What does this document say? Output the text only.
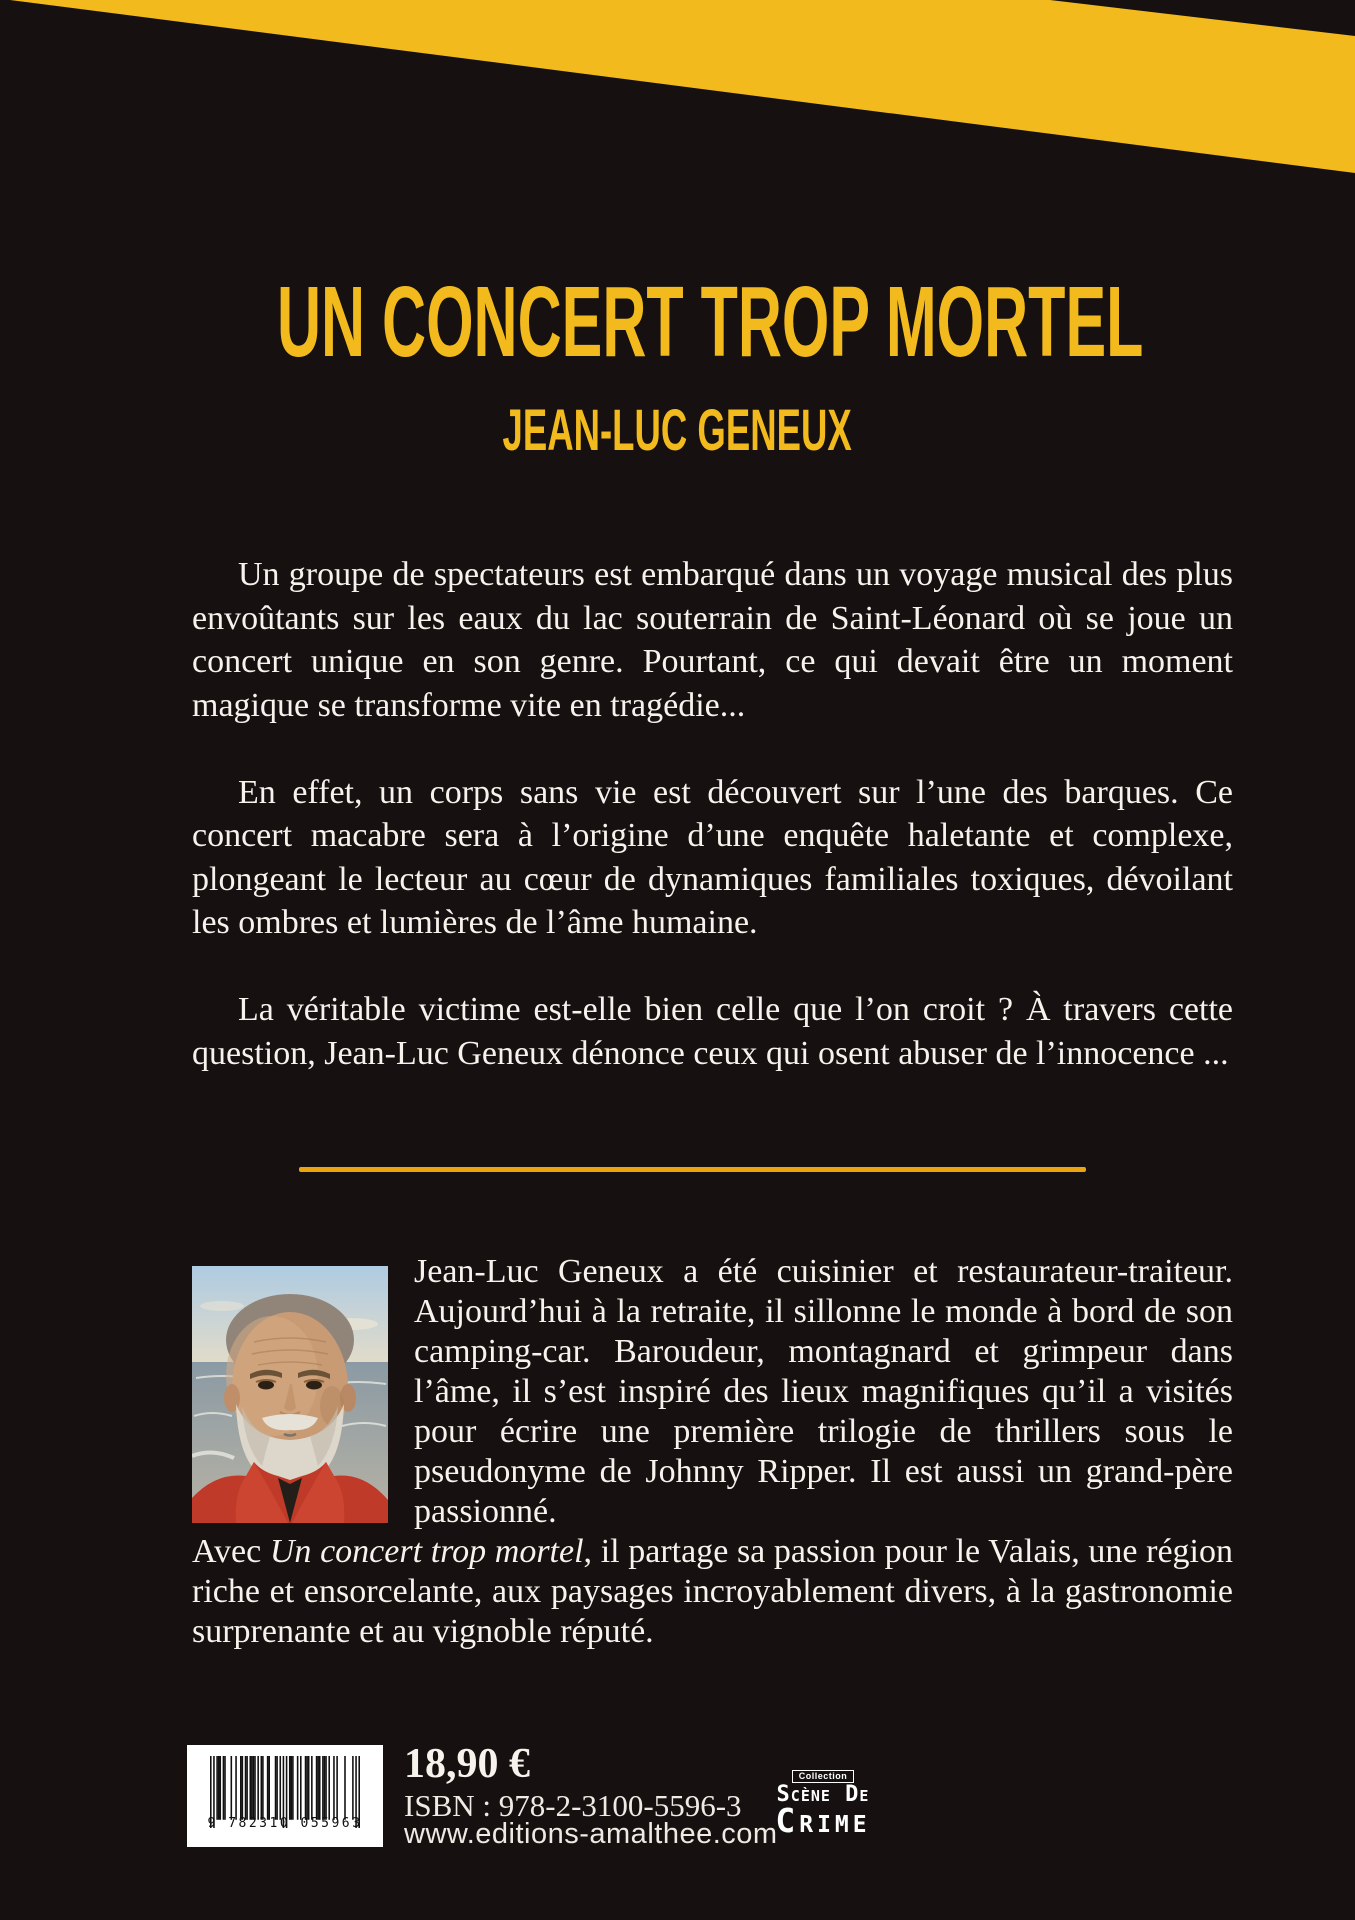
UN CONCERT TROP MORTEL
JEAN-LUC GENEUX

Un groupe de spectateurs est embarqué dans un voyage musical des plus envoûtants sur les eaux du lac souterrain de Saint-Léonard où se joue un concert unique en son genre. Pourtant, ce qui devait être un moment magique se transforme vite en tragédie...

En effet, un corps sans vie est découvert sur l’une des barques. Ce concert macabre sera à l’origine d’une enquête haletante et complexe, plongeant le lecteur au cœur de dynamiques familiales toxiques, dévoilant les ombres et lumières de l’âme humaine.

La véritable victime est-elle bien celle que l’on croit ? À travers cette question, Jean-Luc Geneux dénonce ceux qui osent abuser de l’innocence ...

Jean-Luc Geneux a été cuisinier et restaurateur-traiteur. Aujourd’hui à la retraite, il sillonne le monde à bord de son camping-car. Baroudeur, montagnard et grimpeur dans l’âme, il s’est inspiré des lieux magnifiques qu’il a visités pour écrire une première trilogie de thrillers sous le pseudonyme de Johnny Ripper. Il est aussi un grand-père passionné.

Avec Un concert trop mortel, il partage sa passion pour le Valais, une région riche et ensorcelante, aux paysages incroyablement divers, à la gastronomie surprenante et au vignoble réputé.

9 782310 055963
18,90 €
ISBN : 978-2-3100-5596-3
www.editions-amalthee.com
Collection
Scène De
Crime
